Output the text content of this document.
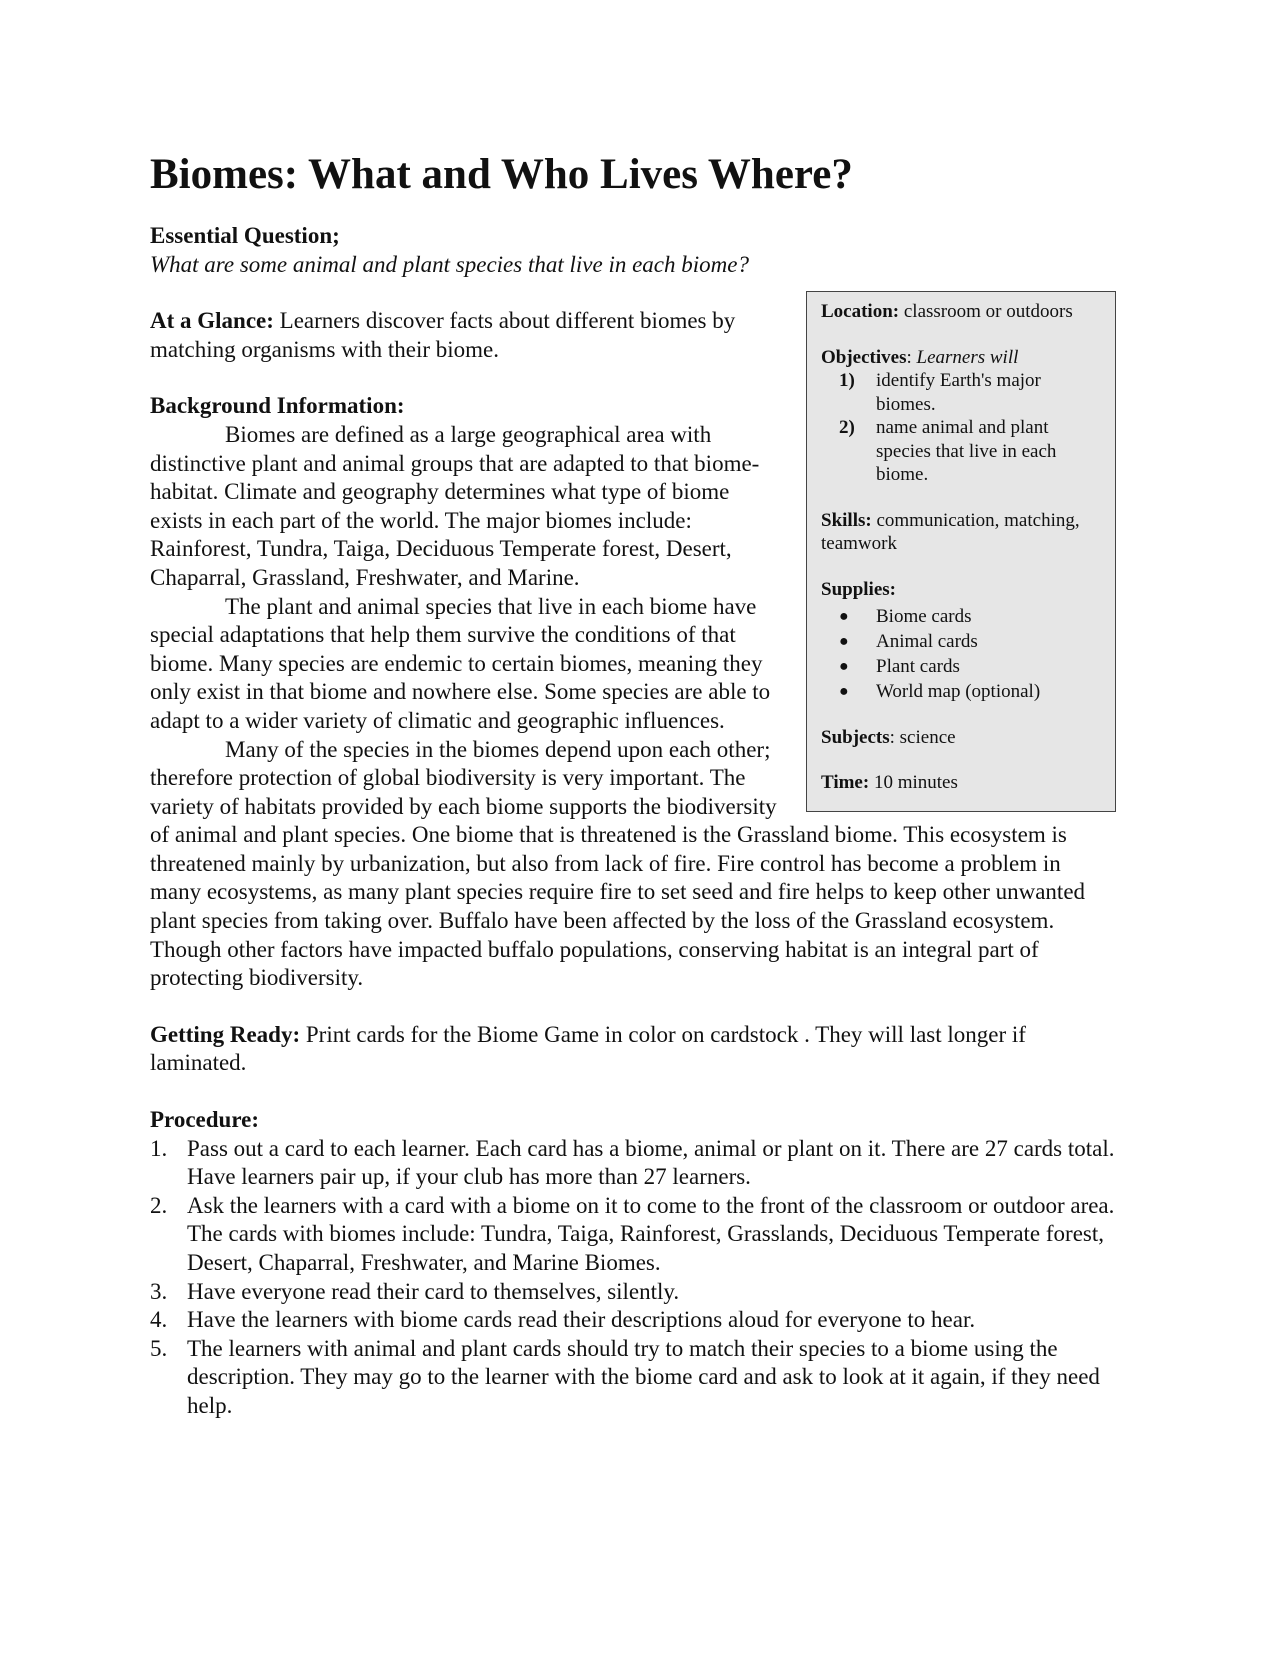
Biomes: What and Who Lives Where?

Essential Question;
What are some animal and plant species that live in each biome?

Location: classroom or outdoors

Objectives: Learners will

1) identify Earth's major biomes.
2) name animal and plant species that live in each biome.

Skills: communication, matching, teamwork

Supplies:

● Biome cards
● Animal cards
● Plant cards
● World map (optional)

Subjects: science

Time: 10 minutes

At a Glance: Learners discover facts about different biomes by matching organisms with their biome.

Background Information:

Biomes are defined as a large geographical area with distinctive plant and animal groups that are adapted to that biome-habitat. Climate and geography determines what type of biome exists in each part of the world. The major biomes include: Rainforest, Tundra, Taiga, Deciduous Temperate forest, Desert, Chaparral, Grassland, Freshwater, and Marine.

The plant and animal species that live in each biome have special adaptations that help them survive the conditions of that biome. Many species are endemic to certain biomes, meaning they only exist in that biome and nowhere else. Some species are able to adapt to a wider variety of climatic and geographic influences.

Many of the species in the biomes depend upon each other; therefore protection of global biodiversity is very important. The variety of habitats provided by each biome supports the biodiversity of animal and plant species. One biome that is threatened is the Grassland biome. This ecosystem is threatened mainly by urbanization, but also from lack of fire. Fire control has become a problem in many ecosystems, as many plant species require fire to set seed and fire helps to keep other unwanted plant species from taking over. Buffalo have been affected by the loss of the Grassland ecosystem. Though other factors have impacted buffalo populations, conserving habitat is an integral part of protecting biodiversity.

Getting Ready: Print cards for the Biome Game in color on cardstock . They will last longer if laminated.

Procedure:

1. Pass out a card to each learner. Each card has a biome, animal or plant on it. There are 27 cards total. Have learners pair up, if your club has more than 27 learners.
2. Ask the learners with a card with a biome on it to come to the front of the classroom or outdoor area. The cards with biomes include: Tundra, Taiga, Rainforest, Grasslands, Deciduous Temperate forest, Desert, Chaparral, Freshwater, and Marine Biomes.
3. Have everyone read their card to themselves, silently.
4. Have the learners with biome cards read their descriptions aloud for everyone to hear.
5. The learners with animal and plant cards should try to match their species to a biome using the description. They may go to the learner with the biome card and ask to look at it again, if they need help.
